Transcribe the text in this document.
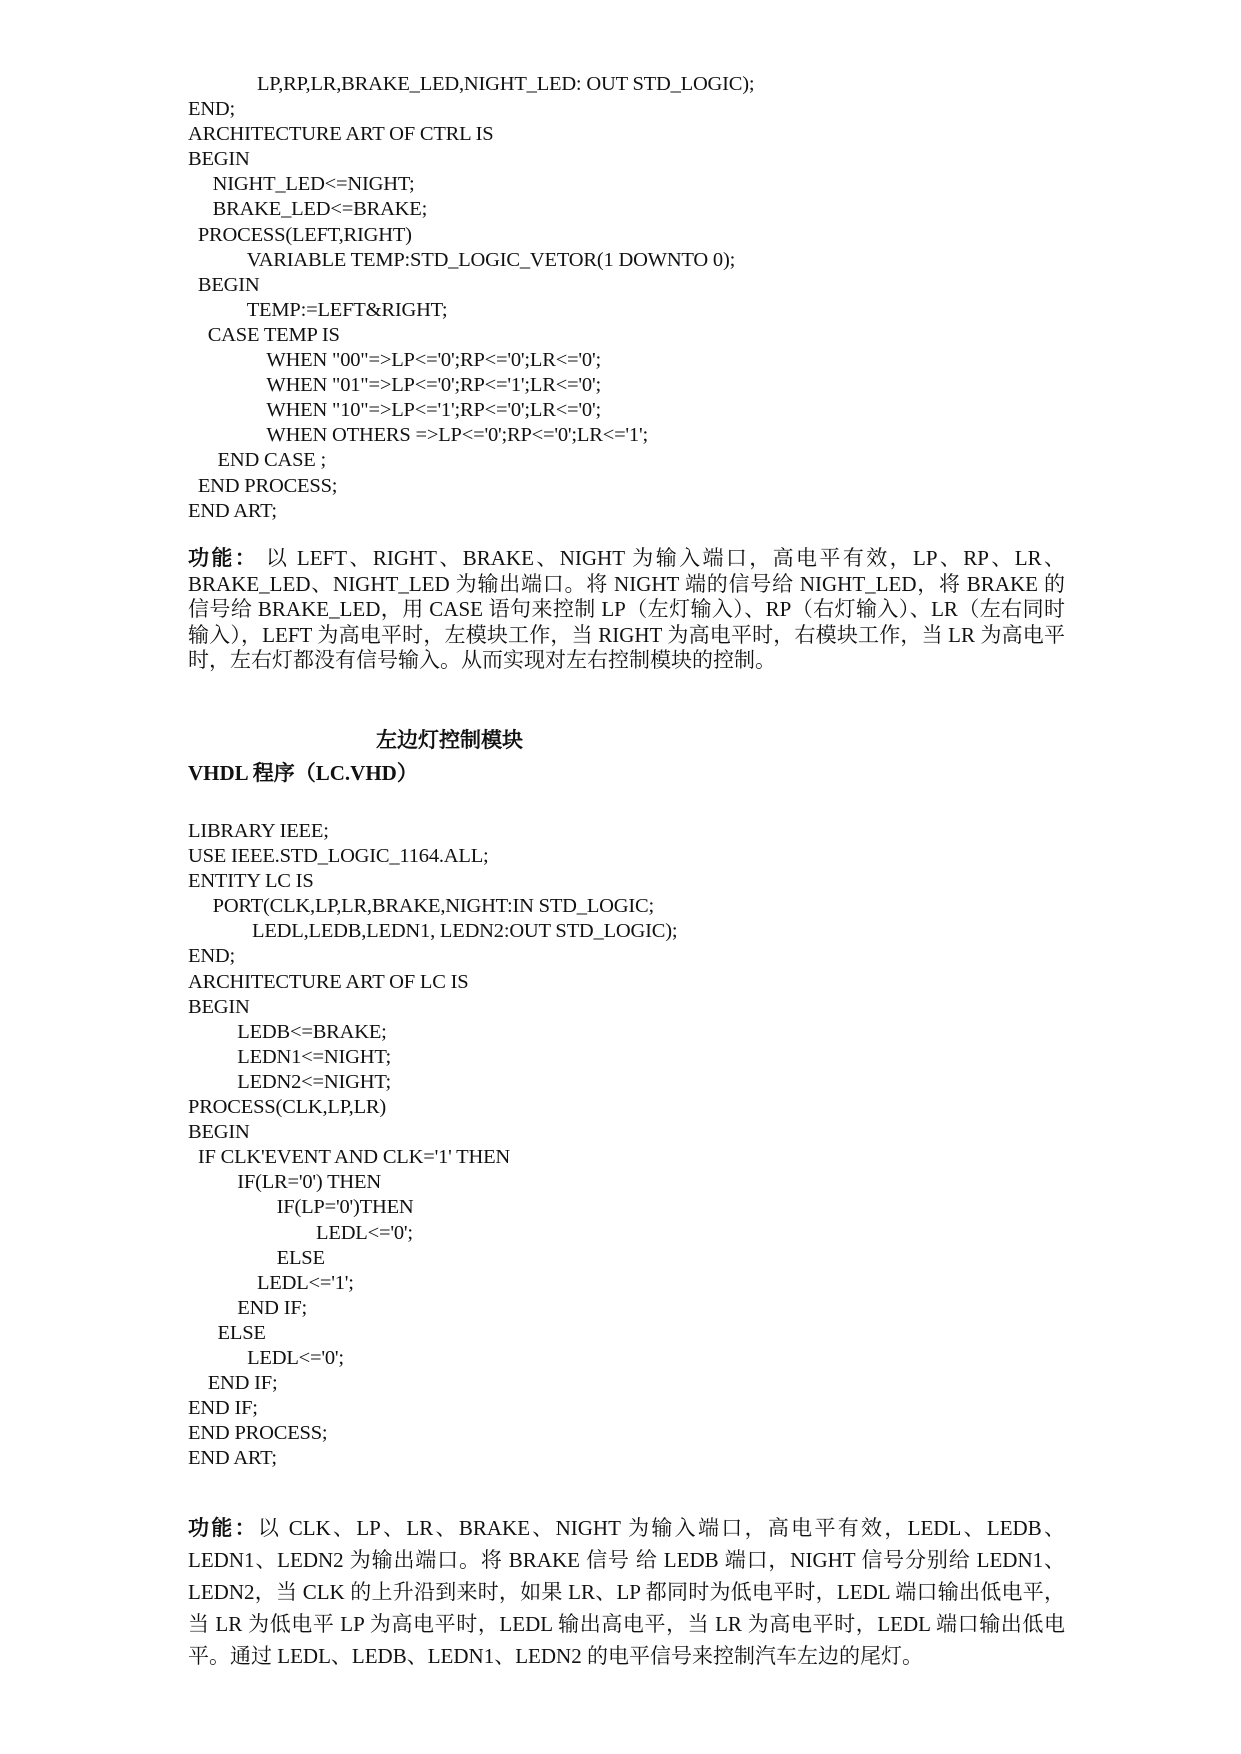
LP,RP,LR,BRAKE_LED,NIGHT_LED: OUT STD_LOGIC);
END;
ARCHITECTURE ART OF CTRL IS
BEGIN
NIGHT_LED<=NIGHT;
BRAKE_LED<=BRAKE;
PROCESS(LEFT,RIGHT)
VARIABLE TEMP:STD_LOGIC_VETOR(1 DOWNTO 0);
BEGIN
TEMP:=LEFT&RIGHT;
CASE TEMP IS
WHEN "00"=>LP<='0';RP<='0';LR<='0';
WHEN "01"=>LP<='0';RP<='1';LR<='0';
WHEN "10"=>LP<='1';RP<='0';LR<='0';
WHEN OTHERS =>LP<='0';RP<='0';LR<='1';
END CASE ;
END PROCESS;
END ART;

功能： 以 LEFT、RIGHT、BRAKE、NIGHT 为输入端口，高电平有效，LP、RP、LR、BRAKE_LED、NIGHT_LED 为输出端口。将 NIGHT 端的信号给 NIGHT_LED，将 BRAKE 的信号给 BRAKE_LED，用 CASE 语句来控制 LP（左灯输入）、RP（右灯输入）、LR（左右同时输入），LEFT 为高电平时，左模块工作，当 RIGHT 为高电平时，右模块工作，当 LR 为高电平时，左右灯都没有信号输入。从而实现对左右控制模块的控制。

左边灯控制模块
VHDL 程序（LC.VHD）
LIBRARY IEEE;
USE IEEE.STD_LOGIC_1164.ALL;
ENTITY LC IS
PORT(CLK,LP,LR,BRAKE,NIGHT:IN STD_LOGIC;
LEDL,LEDB,LEDN1, LEDN2:OUT STD_LOGIC);
END;
ARCHITECTURE ART OF LC IS
BEGIN
LEDB<=BRAKE;
LEDN1<=NIGHT;
LEDN2<=NIGHT;
PROCESS(CLK,LP,LR)
BEGIN
IF CLK'EVENT AND CLK='1' THEN
IF(LR='0') THEN
IF(LP='0')THEN
LEDL<='0';
ELSE
LEDL<='1';
END IF;
ELSE
LEDL<='0';
END IF;
END IF;
END PROCESS;
END ART;

功能：以 CLK、LP、LR、BRAKE、NIGHT 为输入端口，高电平有效，LEDL、LEDB、LEDN1、LEDN2 为输出端口。将 BRAKE 信号 给 LEDB 端口，NIGHT 信号分别给 LEDN1、LEDN2，当 CLK 的上升沿到来时，如果 LR、LP 都同时为低电平时，LEDL 端口输出低电平，当 LR 为低电平 LP 为高电平时，LEDL 输出高电平，当 LR 为高电平时，LEDL 端口输出低电平。通过 LEDL、LEDB、LEDN1、LEDN2 的电平信号来控制汽车左边的尾灯。
